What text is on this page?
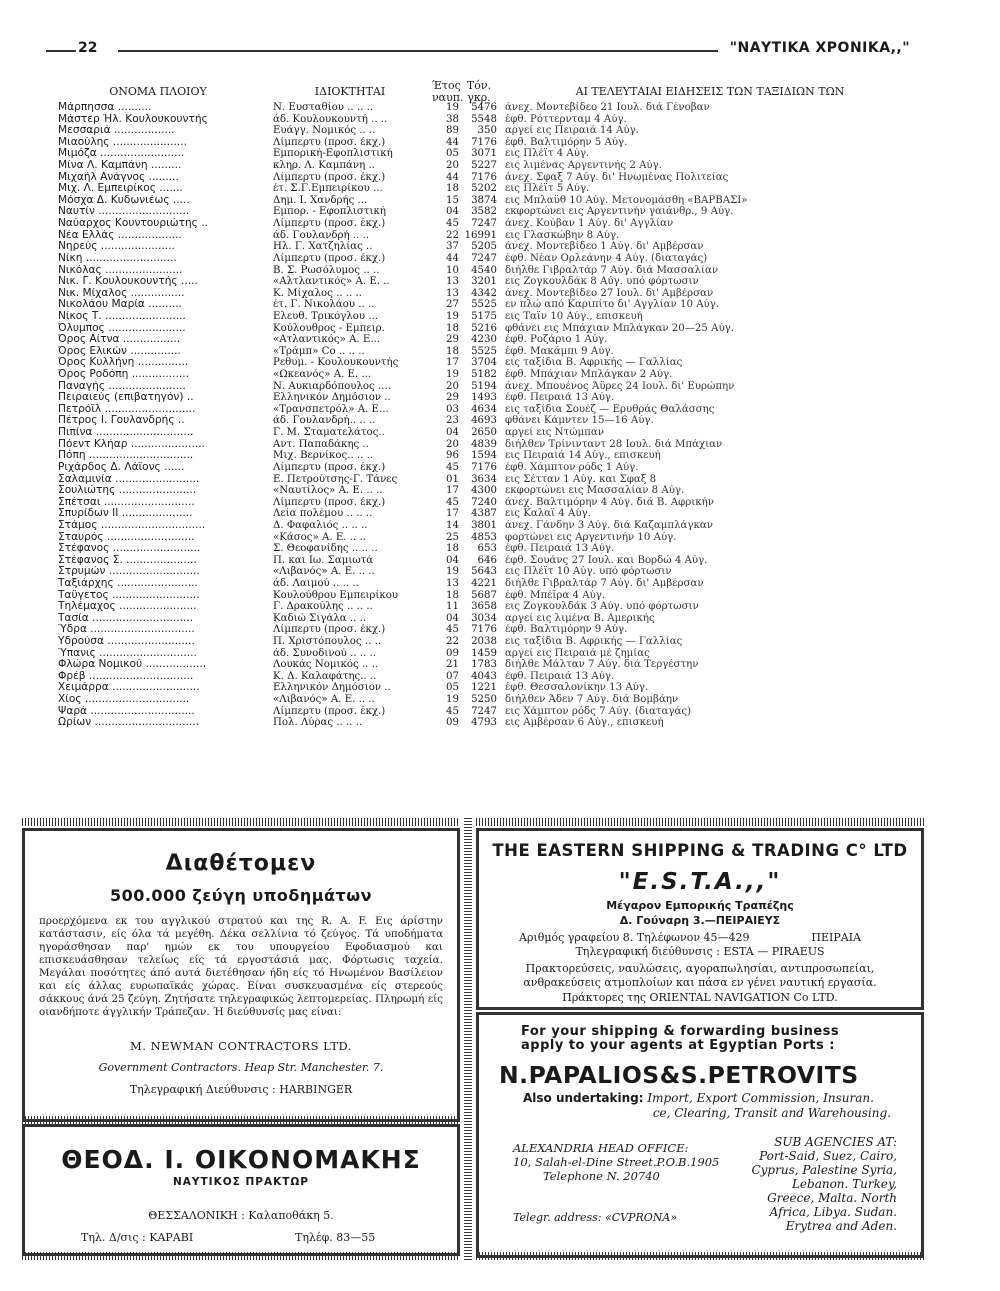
22	"ΝΑΥΤΙΚΑ ΧΡΟΝΙΚΑ,,"
ΟΝΟΜΑ ΠΛΟΙΟΥ	ΙΔΙΟΚΤΗΤΑΙ	Έτος ναυπ.
Τόν. γκρ.	ΑΙ ΤΕΛΕΥΤΑΙΑΙ ΕΙΔΗΣΕΙΣ ΤΩΝ ΤΑΞΙΔΙΩΝ ΤΩΝ
Μάρπησσα ..........	Ν. Ευσταθίου .. .. ..	19	5476 άνεχ. Μοντεβίδεο 21 Ιουλ. διά Γένοβαν
Μάστερ Ήλ. Κουλουκουντής	άδ. Κουλουκουντή .. ..	38	5548 έφθ. Ρόττερνταμ 4 Αύγ.
Μεσσαριά ..................	Ευάγγ. Νομικός .. ..	89	350 αργεί εις Πειραιά 14 Αύγ.
Μιαούλης ......................	Λίμπερτυ (προσ. έκχ.)	44	7176 έφθ. Βαλτιμόρην 5 Αύγ.
Μιμόζα .........................	Εμπορική-Εφοπλιστική	05	3071 εις Πλέϊτ 4 Αύγ.
Μίνα Λ. Καμπάνη .........	κληρ. Λ. Καμπάνη ..	20	5227 εις λιμένας Αργεντινής 2 Αύγ.
Μιχαήλ Ανάγνος .........	Λίμπερτυ (προσ. έκχ.)	44	7176 άνεχ. Σφαξ 7 Αύγ. δι' Ηνωμένας Πολιτείας
Μιχ. Λ. Εμπειρίκος .......	έτ. Σ.Γ.Εμπειρίκου ...	18	5202 εις Πλέϊτ 5 Αύγ.
Μόσχα Δ. Κυδωνιέως .....	Δημ. Ι. Χανδρής ...	15	3874 εις Μπλαϋθ 10 Αύγ. Μετονομάσθη «ΒΑΡΒΑΣΙ»
Ναυτίν ...........................	Εμπορ. - Εφοπλιστική	04	3582 εκφορτώνει εις Αργεντινήν γαιάνθρ., 9 Αύγ.
Ναύαρχος Κουντουριώτης ..	Λίμπερτυ (προσ. έκχ.)	45	7247 άνεχ. Κούβαν 1 Αύγ. δι' Αγγλίαν
Νέα Ελλάς ...................	άδ. Γουλανδρή .. ..	22 16991 εις Γλασκώβην 8 Αύγ.
Νηρεύς ......................	Ηλ. Γ. Χατζηλίας ..	37	5205 άνεχ. Μοντεβίδεο 1 Αύγ. δι' Αμβέρσαν
Νίκη ...........................	Λίμπερτυ (προσ. έκχ.)	44	7247 έφθ. Νέαν Ορλεάνην 4 Αύγ. (διαταγάς)
Νικόλας .......................	Β. Σ. Ρωσόλυμος .. ..	10	4540 διήλθε Γιβραλτάρ 7 Αύγ. διά Μασσαλίαν
Νικ. Γ. Κουλουκουντής .....	«Αλτλαντικός» Α. Ε. ..	13	3201 εις Ζογκουλδάκ 8 Αύγ. υπό φόρτωσιν
Νικ. Μίχαλος ................	Κ. Μίχαλος .. .. ..	13	4342 άνεχ. Μοντεβίδεο 27 Ιουλ. δι' Αμβέρσαν
Νικολάου Μαρία ..........	έτ. Γ. Νικολάου .. ..	27	5525 εν πλώ από Καριπίτο δι' Αγγλίαν 10 Αύγ.
Νίκος Τ. ........................	Ελευθ. Τρικόγλου ...	19	5175 εις Ταϊν 10 Αύγ., επισκευή
Όλυμπος .......................	Κούλουθρος - Εμπειρ.	18	5216 φθάνει εις Μπάχιαν Μπλάγκαν 20—25 Αύγ.
Όρος Αίτνα .................	«Ατλαντικός» Α. Ε...	29	4230 έφθ. Ροζάριο 1 Αύγ.
Όρος Ελικών ...............	«Τράμπ» Co .. .. ..	18	5525 έφθ. Μακάμπι 9 Αύγ.
Όρος Κυλλήνη ...............	Ρεθυμ. - Κουλουκουντής	17	3704 εις ταξίδια Β. Αφρικής — Γαλλίας
Όρος Ροδόπη .................	«Ωκεανός» Α. Ε. ...	19	5182 έφθ. Μπάχιαν Μπλάγκαν 2 Αύγ.
Παναγής .......................	Ν. Αυκιαρδόπουλος ....	20	5194 άνεχ. Μπουένος Άϋρες 24 Ιουλ. δι' Ευρώπην
Πειραιεύς (επιβατηγόν) ..	Ελληνικόν Δημόσιον ..	29	1493 έφθ. Πειραιά 13 Αύγ.
Πετρόϊλ ...........................	«Τρανσπετρόλ» Α. Ε...	03	4634 εις ταξίδια Σουέζ — Ερυθράς Θαλάσσης
Πέτρος Ι. Γουλανδρής ..	άδ. Γουλανδρή.. .. ..	23	4693 φθάνει Κάμντεν 15—16 Αύγ.
Πιπίνα .............................	Γ. Μ. Σταματελάτος..	04	2650 αργεί εις Ντώμπαν
Πόεντ Κλήαρ ......................	Αντ. Παπαδάκης ..	20	4839 διήλθεν Τρίνινταντ 28 Ιουλ. διά Μπάχιαν
Πόπη ...............................	Μιχ. Βερνίκος.. .. ..	96	1594 εις Πειραιά 14 Αύγ., επισκευή
Ριχάρδος Δ. Λάϊονς ......	Λίμπερτυ (προσ. έκχ.)	45	7176 έφθ. Χάμπτον ρόδς 1 Αύγ.
Σαλαμινία .........................	Ε. Πετρούτσης-Γ. Τάνες	01	3634 εις Σέτταν 1 Αύγ. και Σφαξ 8
Σουλιώτης .......................	«Ναυτίλος» Α. Ε. .. ..	17	4300 εκφορτώνει εις Μασσαλίαν 8 Αύγ.
Σπέτσαι ...........................	Λίμπερτυ (προσ. έκχ.)	45	7240 άνεχ. Βαλτιμόρην 4 Αύγ. διά Β. Αφρικήν
Σπυρίδων ΙΙ .....................	Λεία πολέμου .. .. ..	17	4387 εις Καλαϊ 4 Αύγ.
Στάμος ...............................	Δ. Φαφαλιός .. .. ..	14	3801 άνεχ. Γάνδην 3 Αύγ. διά Καζαμπλάγκαν
Σταυρός ..........................	«Κάσος» Α. Ε. .. ..	25	4853 φορτώνει εις Αργεντινήν 10 Αύγ.
Στέφανος ..........................	Σ. Θεοφανίδης .. .. ..	18	653 έφθ. Πειραιά 13 Αύγ.
Στέφανος Σ. .....................	Π. και Ιω. Σαμιωτά	04	646 έφθ. Σουάνς 27 Ιουλ. και Βορδώ 4 Αύγ.
Στρυμών ...........................	«Λιβανός» Α. Ε. .. ..	19	5643 εις Πλέϊτ 10 Αύγ. υπό φόρτωσιν
Ταξιάρχης ........................	άδ. Λαιμού .. .. ..	13	4221 διήλθε Γιβραλτάρ 7 Αύγ. δι' Αμβέρσαν
Ταΰγετος ..........................	Κουλούθρου Εμπειρίκου	18	5687 έφθ. Μπέϊρα 4 Αύγ.
Τηλέμαχος .......................	Γ. Δρακούλης .. .. ..	11	3658 εις Ζογκουλδάκ 3 Αύγ. υπό φόρτωσιν
Τασία ..............................	Καδιώ Σιγάλα .. ..	04	3034 αργεί εις λιμένα Β. Αμερικής
Ύδρα ...............................	Λίμπερτυ (προσ. έκχ.)	45	7176 έφθ. Βαλτιμόρην 9 Αύγ.
Υδρούσα ..........................	Π. Χριστόπουλος .. ..	22	2038 εις ταξίδια Β. Αφρικής — Γαλλίας
Ύπανις .............................	άδ. Συνοδινού .. .. ..	09	1459 αργεί εις Πειραιά μέ ζημίας
Φλώρα Νομικού ..................	Λουκάς Νομικός .. ..	21	1783 διήλθε Μάλταν 7 Αύγ. διά Τεργέστην
Φρέβ ...............................	Κ. Δ. Καλαφάτης.. ..	07	4043 έφθ. Πειραιά 13 Αύγ.
Χειμάρρα ..........................	Ελληνικόν Δημόσιον ..	05	1221 έφθ. Θεσσαλονίκην 13 Αύγ.
Χίος ...............................	«Λιβανός» Α. Ε. .. ..	19	5250 διήλθεν Άδεν 7 Αύγ. διά Βομβάην
Ψαρά ...............................	Λίμπερτυ (προσ. έκχ.)	45	7247 εις Χάμπτον ρόδς 7 Αύγ. (διαταγάς)
Ωρίων ...............................	Πολ. Λύρας .. .. ..	09	4793 εις Αμβέρσαν 6 Αύγ., επισκευή
Διαθέτομεν
500.000 ζεύγη υποδημάτων
προερχόμενα εκ του αγγλικού στρατού και της R. A. F. Εις άρίστην κατάστασιν, είς όλα τά μεγέθη. Δέκα σελλίνια τό ζεύγος. Τά υποδήματα ηγοράσθησαν παρ' ημών εκ του υπουργείου Εφοδιασμού και επισκευάσθησαν τελείως είς τά εργοστάσιά μας. Φόρτωσις ταχεία. Μεγάλαι ποσότητες άπό αυτά διετέθησαν ήδη είς τό Ηνωμένον Βασίλειον και είς άλλας ευρωπαϊκάς χώρας. Είναι συσκευασμένα είς στερεούς σάκκους άνά 25 ζεύγη. Ζητήσατε τηλεγραφικώς λεπτομερείας. Πληρωμή είς οιανδήποτε άγγλικήν Τράπεζαν. Ή διεύθυνσίς μας είναι:
M. NEWMAN CONTRACTORS LTD.
Government Contractors. Heap Str. Manchester. 7.
Τηλεγραφική Διεύθυνσις : HARBINGER
ΘΕΟΔ. Ι. ΟΙΚΟΝΟΜΑΚΗΣ
ΝΑΥΤΙΚΟΣ ΠΡΑΚΤΩΡ
ΘΕΣΣΑΛΟΝΙΚΗ : Καλαποθάκη 5.
Τηλ. Δ/σις : ΚΑΡΑΒΙ	Τηλέφ. 83—55
THE EASTERN SHIPPING & TRADING C° LTD
"E.S.T.A.,,"
Μέγαρον Εμπορικής Τραπέζης
Δ. Γούναρη 3.—ΠΕΙΡΑΙΕΥΣ
Αριθμός γραφείου 8. Τηλέφωνον 45—429	ΠΕΙΡΑΙΑ
Τηλεγραφική διεύθυνσις : ESTA — PIRAEUS
Πρακτορεύσεις, ναυλώσεις, αγοραπωλησίαι, αντιπροσωπείαι,
ανθρακεύσεις ατμοπλοίων και πάσα εν γένει ναυτική εργασία.
Πράκτορες της ORIENTAL NAVIGATION Co LTD.
For your shipping & forwarding business
apply to your agents at Egyptian Ports :
N.PAPALIOS&S.PETROVITS
Also undertaking: Import, Export Commission, Insuran.
ce, Clearing, Transit and Warehousing.
ALEXANDRIA HEAD OFFICE:
10, Salah-el-Dine Street.P.O.B.1905
Telephone N. 20740
SUB AGENCIES AT:
Port-Said, Suez, Cairo, Cyprus, Palestine Syria, Lebanon. Turkey, Greece, Malta. North Africa, Libya. Sudan. Erytrea and Aden.
Telegr. address: «CVPRONA»
